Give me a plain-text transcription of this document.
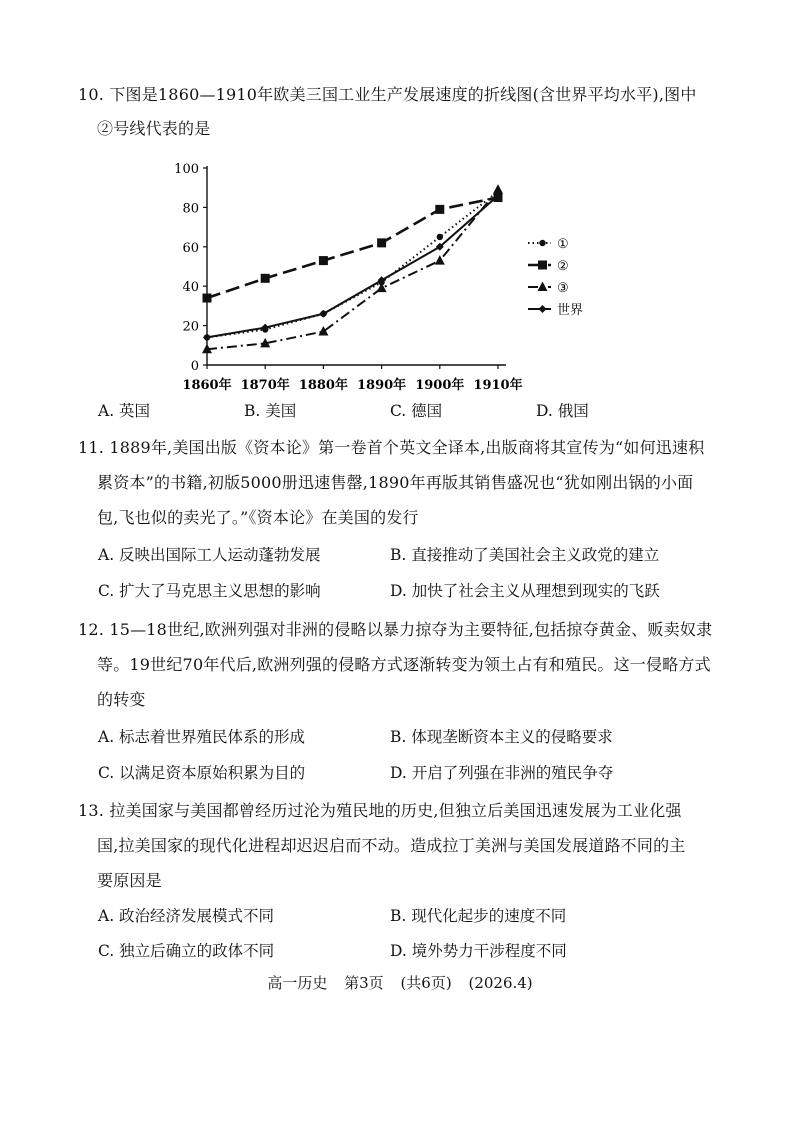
10. 下图是1860—1910年欧美三国工业生产发展速度的折线图(含世界平均水平),图中
②号线代表的是
0
20
40
60
80
100
1860年 1870年 1880年 1890年 1900年 1910年
①
②
③
世界
A. 英国	B. 美国	C. 德国	D. 俄国
11. 1889年,美国出版《资本论》第一卷首个英文全译本,出版商将其宣传为“如何迅速积
累资本”的书籍,初版5000册迅速售罄,1890年再版其销售盛况也“犹如刚出锅的小面
包,飞也似的卖光了。”《资本论》在美国的发行
A. 反映出国际工人运动蓬勃发展	B. 直接推动了美国社会主义政党的建立
C. 扩大了马克思主义思想的影响	D. 加快了社会主义从理想到现实的飞跃
12. 15—18世纪,欧洲列强对非洲的侵略以暴力掠夺为主要特征,包括掠夺黄金、贩卖奴隶
等。19世纪70年代后,欧洲列强的侵略方式逐渐转变为领土占有和殖民。这一侵略方式
的转变
A. 标志着世界殖民体系的形成	B. 体现垄断资本主义的侵略要求
C. 以满足资本原始积累为目的	D. 开启了列强在非洲的殖民争夺
13. 拉美国家与美国都曾经历过沦为殖民地的历史,但独立后美国迅速发展为工业化强
国,拉美国家的现代化进程却迟迟启而不动。造成拉丁美洲与美国发展道路不同的主
要原因是
A. 政治经济发展模式不同	B. 现代化起步的速度不同
C. 独立后确立的政体不同	D. 境外势力干涉程度不同
高一历史 第3页 (共6页) (2026.4)
